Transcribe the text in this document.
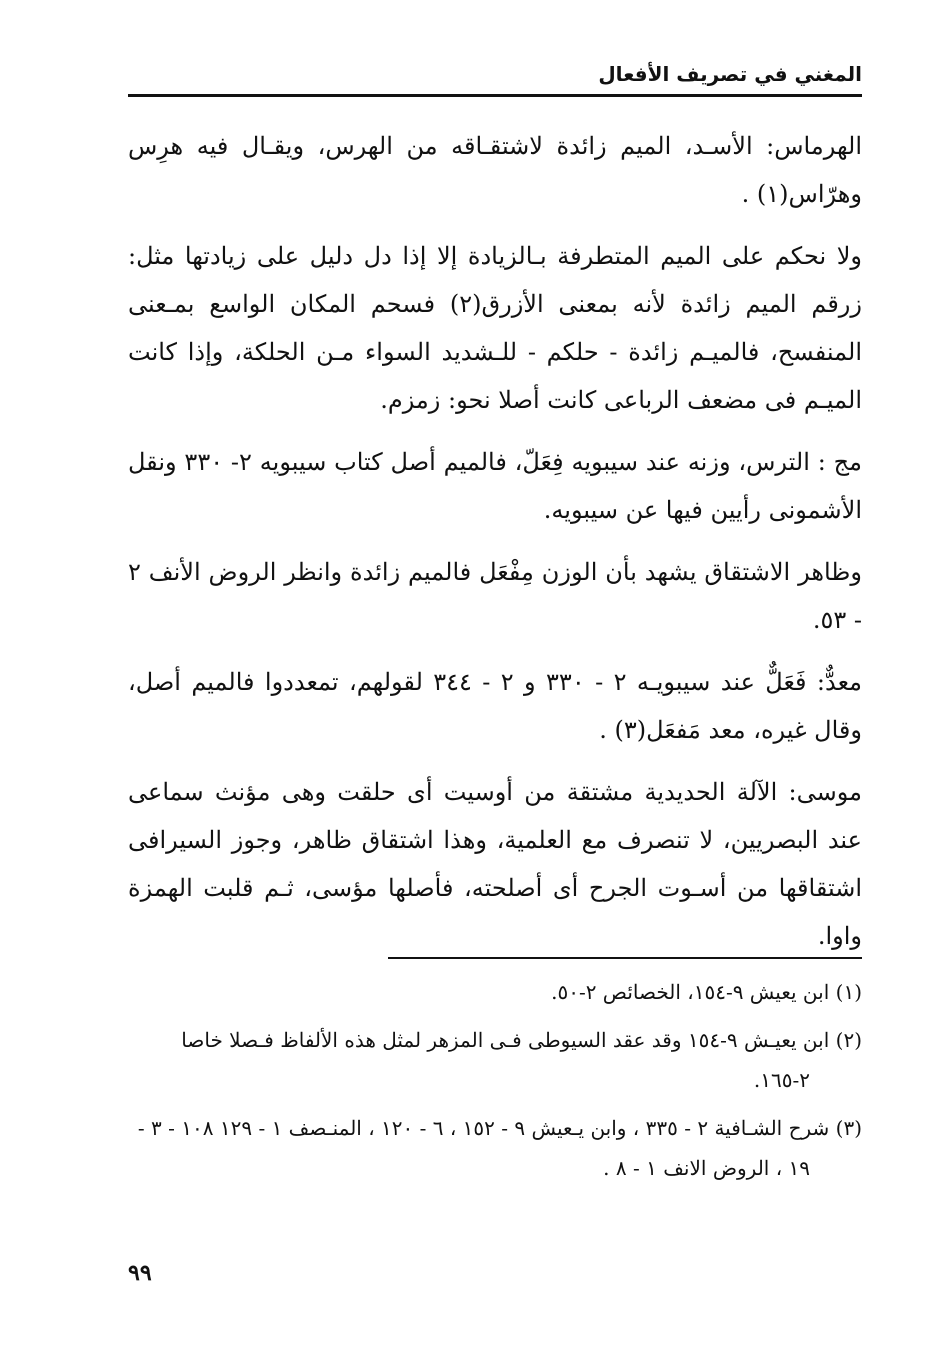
المغني في تصريف الأفعال

الهرماس: الأسـد، الميم زائدة لاشتقـاقه من الهرس، ويقـال فيه هرِس وهرّاس(١) .

ولا نحكم على الميم المتطرفة بـالزيادة إلا إذا دل دليل على زيادتها مثل: زرقم الميم زائدة لأنه بمعنى الأزرق(٢) فسحم المكان الواسع بمـعنى المنفسح، فالميـم زائدة - حلكم - للـشديد السواء مـن الحلكة، وإذا كانت الميـم فى مضعف الرباعى كانت أصلا نحو: زمزم.

مج : الترس، وزنه عند سيبويه فِعَلّ، فالميم أصل كتاب سيبويه ٢- ٣٣٠ ونقل الأشمونى رأيين فيها عن سيبويه.

وظاهر الاشتقاق يشهد بأن الوزن مِفْعَل فالميم زائدة وانظر الروض الأنف ٢ - ٥٣.

معدٌّ: فَعَلٌّ عند سيبويـه ٢ - ٣٣٠ و ٢ - ٣٤٤ لقولهم، تمعددوا فالميم أصل، وقال غيره، معد مَفعَل(٣) .

موسى: الآلة الحديدية مشتقة من أوسيت أى حلقت وهى مؤنث سماعى عند البصريين، لا تنصرف مع العلمية، وهذا اشتقاق ظاهر، وجوز السيرافى اشتقاقها من أسـوت الجرح أى أصلحته، فأصلها مؤسى، ثـم قلبت الهمزة واوا.

(١) ابن يعيش ٩-١٥٤، الخصائص ٢-٥٠.

(٢) ابن يعيـش ٩-١٥٤ وقد عقد السيوطى فـى المزهر لمثل هذه الألفاظ فـصلا خاصا ٢-١٦٥.

(٣) شرح الشـافية ٢ - ٣٣٥ ، وابن يـعيش ٩ - ١٥٢ ، ٦ - ١٢٠ ، المنـصف ١ - ١٢٩ ١٠٨ - ٣ - ١٩ ، الروض الانف ١ - ٨ .

٩٩
